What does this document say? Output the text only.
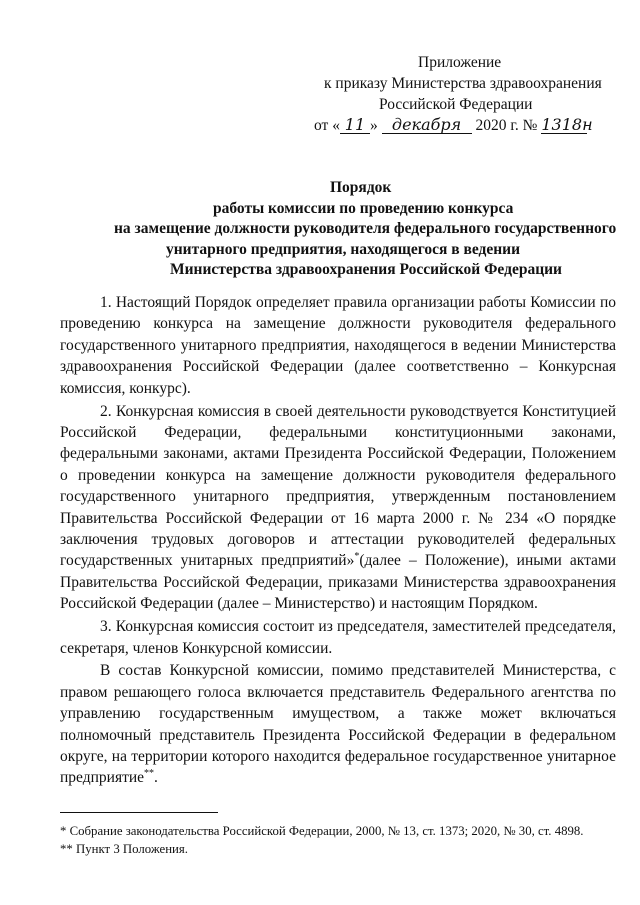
Приложение
к приказу Министерства здравоохранения
Российской Федерации
от « 11 » декабря 2020 г. № 1318н
Порядок
работы комиссии по проведению конкурса
на замещение должности руководителя федерального государственного
унитарного предприятия, находящегося в ведении
Министерства здравоохранения Российской Федерации

1. Настоящий Порядок определяет правила организации работы Комиссии по проведению конкурса на замещение должности руководителя федерального государственного унитарного предприятия, находящегося в ведении Министерства здравоохранения Российской Федерации (далее соответственно – Конкурсная комиссия, конкурс).

2. Конкурсная комиссия в своей деятельности руководствуется Конституцией Российской Федерации, федеральными конституционными законами, федеральными законами, актами Президента Российской Федерации, Положением о проведении конкурса на замещение должности руководителя федерального государственного унитарного предприятия, утвержденным постановлением Правительства Российской Федерации от 16 марта 2000 г. № 234 «О порядке заключения трудовых договоров и аттестации руководителей федеральных государственных унитарных предприятий»*(далее – Положение), иными актами Правительства Российской Федерации, приказами Министерства здравоохранения Российской Федерации (далее – Министерство) и настоящим Порядком.

3. Конкурсная комиссия состоит из председателя, заместителей председателя, секретаря, членов Конкурсной комиссии.

В состав Конкурсной комиссии, помимо представителей Министерства, с правом решающего голоса включается представитель Федерального агентства по управлению государственным имуществом, а также может включаться полномочный представитель Президента Российской Федерации в федеральном округе, на территории которого находится федеральное государственное унитарное предприятие**.

* Собрание законодательства Российской Федерации, 2000, № 13, ст. 1373; 2020, № 30, ст. 4898.
** Пункт 3 Положения.
